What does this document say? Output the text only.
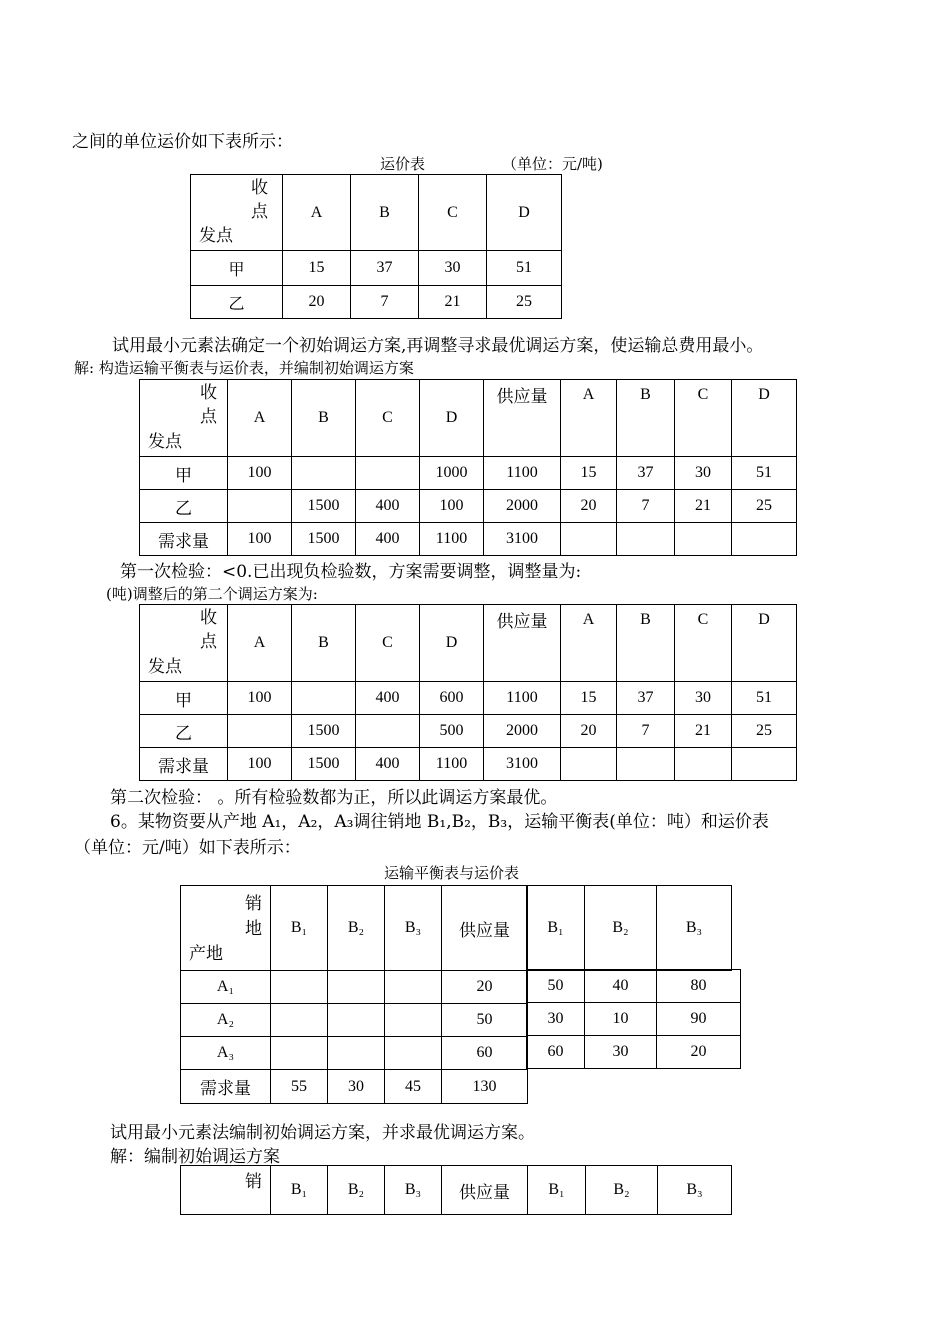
之间的单位运价如下表所示：
运价表	（单位：元/吨)
收
点
发点	A	B	C	D
甲	15	37	30	51
乙	20	7	21	25
试用最小元素法确定一个初始调运方案,再调整寻求最优调运方案，使运输总费用最小。
解: 构造运输平衡表与运价表，并编制初始调运方案
收
点
发点	A	B	C	D	供应量	A	B	C	D
甲	100			1000	1100	15	37	30	51
乙		1500	400	100	2000	20	7	21	25
需求量	100	1500	400	1100	3100				
第一次检验：<0.已出现负检验数，方案需要调整，调整量为:
(吨)调整后的第二个调运方案为:
收
点
发点	A	B	C	D	供应量	A	B	C	D
甲	100		400	600	1100	15	37	30	51
乙		1500		500	2000	20	7	21	25
需求量	100	1500	400	1100	3100				
第二次检验： 。所有检验数都为正，所以此调运方案最优。
6。某物资要从产地 A₁，A₂，A₃调往销地 B₁,B₂，B₃，运输平衡表(单位：吨）和运价表
（单位：元/吨）如下表所示：
运输平衡表与运价表
销
地
产地	B₁	B₂	B₃	供应量
A₁				20
A₂				50
A₃				60
需求量	55	30	45	130
B₁	B₂	B₃
50	40	80
30	10	90
60	30	20
试用最小元素法编制初始调运方案，并求最优调运方案。
解：编制初始调运方案
销	B₁	B₂	B₃	供应量	B₁	B₂	B₃
